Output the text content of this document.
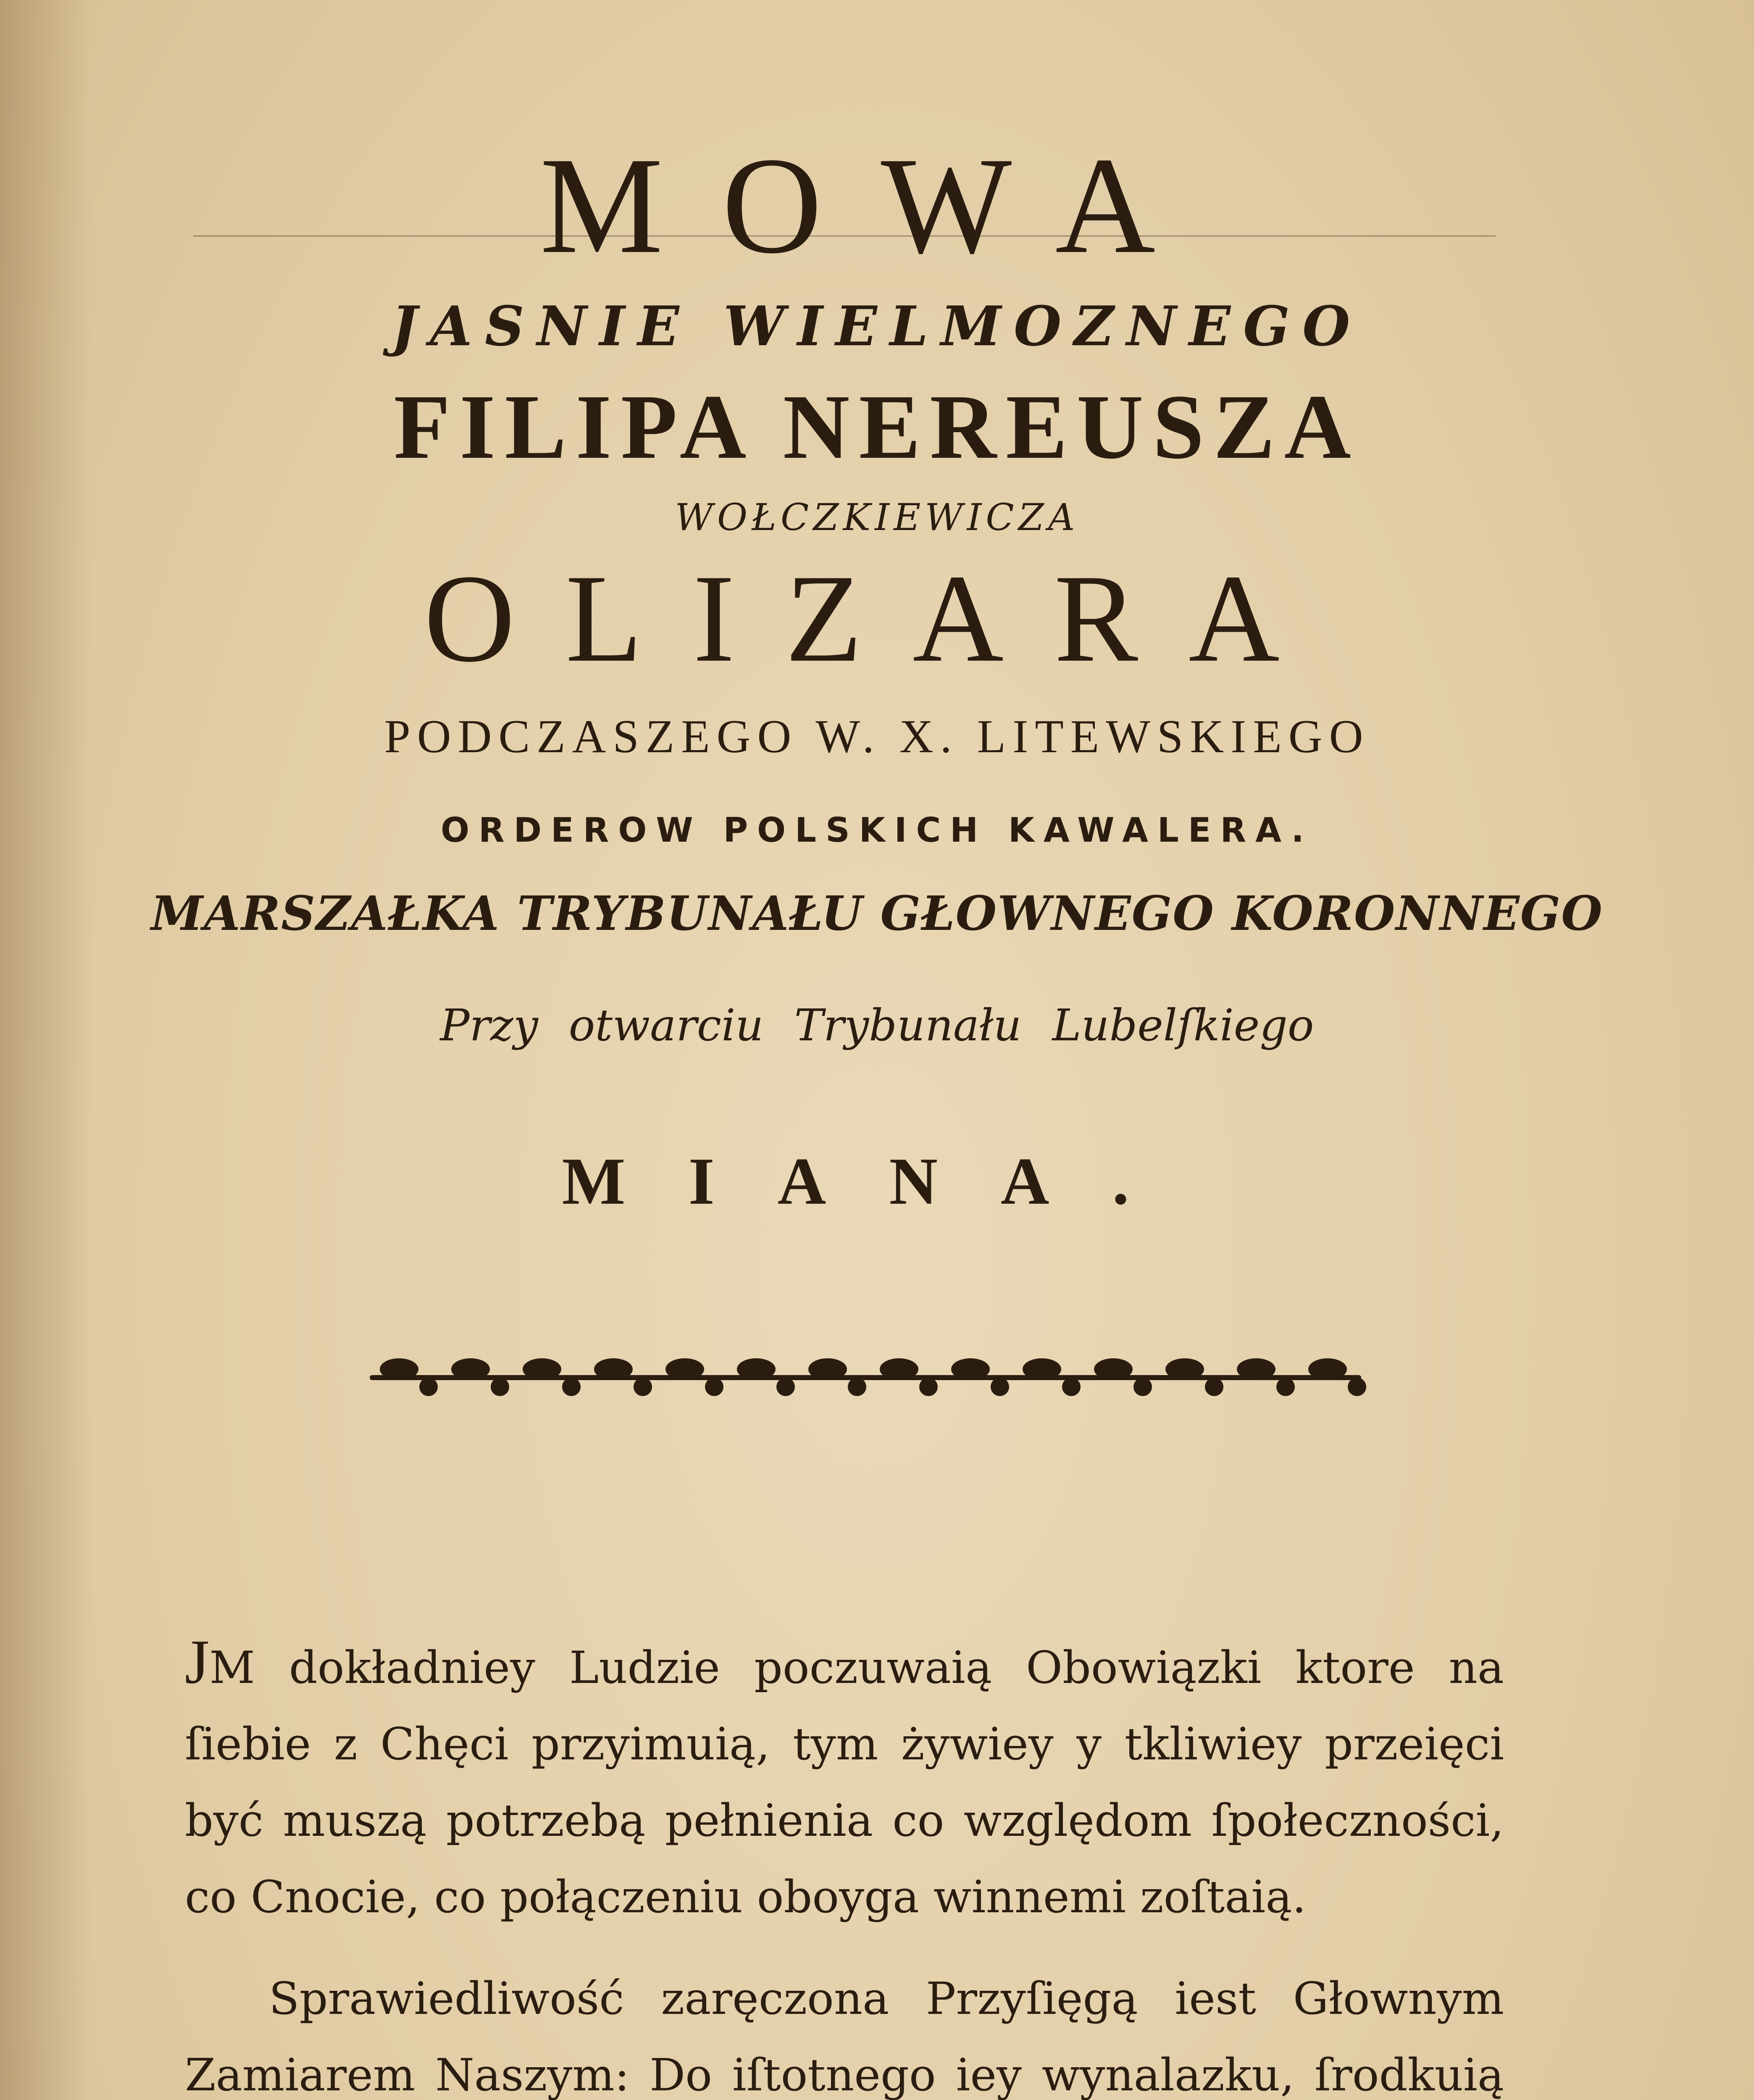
MOWA
JASNIE WIELMOZNEGO
FILIPA NEREUSZA
WOŁCZKIEWICZA
OLIZARA
PODCZASZEGO W. X. LITEWSKIEGO
ORDEROW POLSKICH KAWALERA.
MARSZAŁKA TRYBUNAŁU GŁOWNEGO KORONNEGO
Przy otwarciu Trybunału Lubelſkiego
MIANA.

JM dokładniey Ludzie poczuwaią Obowiązki ktore na ſiebie z Chęci przyimuią, tym żywiey y tkliwiey przeięci być muszą potrzebą pełnienia co względom ſpołeczności, co Cnocie, co połączeniu oboyga winnemi zoſtaią.

Sprawiedliwość zaręczona Przyſięgą iest Głownym Zamiarem Naszym: Do iſtotnego iey wynalazku, ſrodkuią
